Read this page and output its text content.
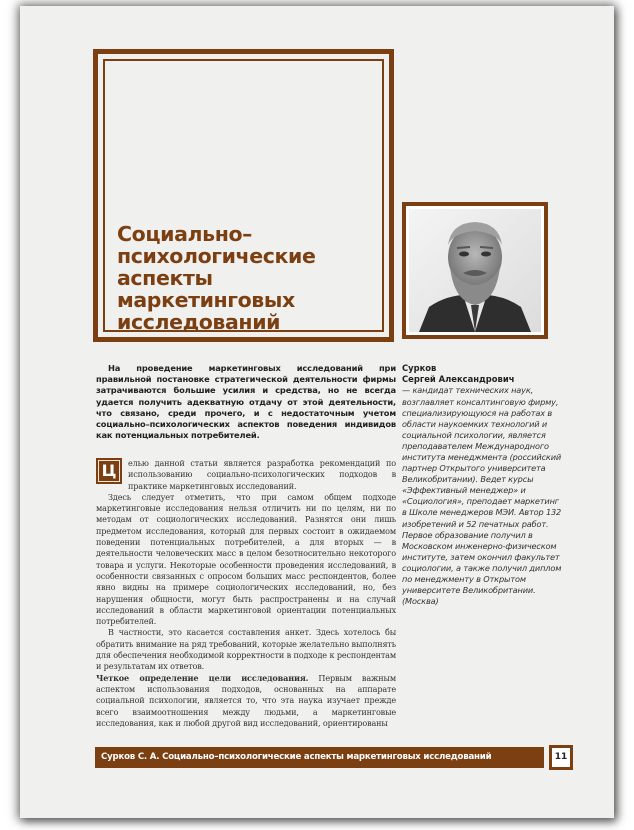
Социально–
психологические
аспекты
маркетинговых
исследований

На проведение маркетинговых исследований при правильной постановке стратегической деятельности фирмы затрачиваются большие усилия и средства, но не всегда удается получить адекватную отдачу от этой деятельности, что связано, среди прочего, и с недостаточным учетом социально–психологических аспектов поведения индивидов как потенциальных потребителей.

Ц	елью данной статьи является разработка рекомендаций по использованию социально-психологических подходов в практике маркетинговых исследований.

Здесь следует отметить, что при самом общем подходе маркетинговые исследования нельзя отличить ни по целям, ни по методам от социологических исследований. Разнятся они лишь предметом исследования, который для первых состоит в ожидаемом поведении потенциальных потребителей, а для вторых — в деятельности человеческих масс в целом безотносительно некоторого товара и услуги. Некоторые особенности проведения исследований, в особенности связанных с опросом больших масс респондентов, более явно видны на примере социологических исследований, но, без нарушения общности, могут быть распространены и на случай исследований в области маркетинговой ориентации потенциальных потребителей.

В частности, это касается составления анкет. Здесь хотелось бы обратить внимание на ряд требований, которые желательно выполнять для обеспечения необходимой корректности в подходе к респондентам и результатам их ответов.

Четкое определение цели исследования. Первым важным аспектом использования подходов, основанных на аппарате социальной психологии, является то, что эта наука изучает прежде всего взаимоотношения между людьми, а маркетинговые исследования, как и любой другой вид исследований, ориентированы

Сурков

Сергей Александрович

— кандидат технических наук, возглавляет консалтинговую фирму, специализирующуюся на работах в области наукоемких технологий и социальной психологии, является преподавателем Международного института менеджмента (российский партнер Открытого университета Великобритании). Ведет курсы «Эффективный менеджер» и «Социология», преподает маркетинг в Школе менеджеров МЭИ. Автор 132 изобретений и 52 печатных работ. Первое образование получил в Московском инженерно-физическом институте, затем окончил факультет социологии, а также получил диплом по менеджменту в Открытом университете Великобритании. (Москва)

Сурков С. А. Социально–психологические аспекты маркетинговых исследований	11
